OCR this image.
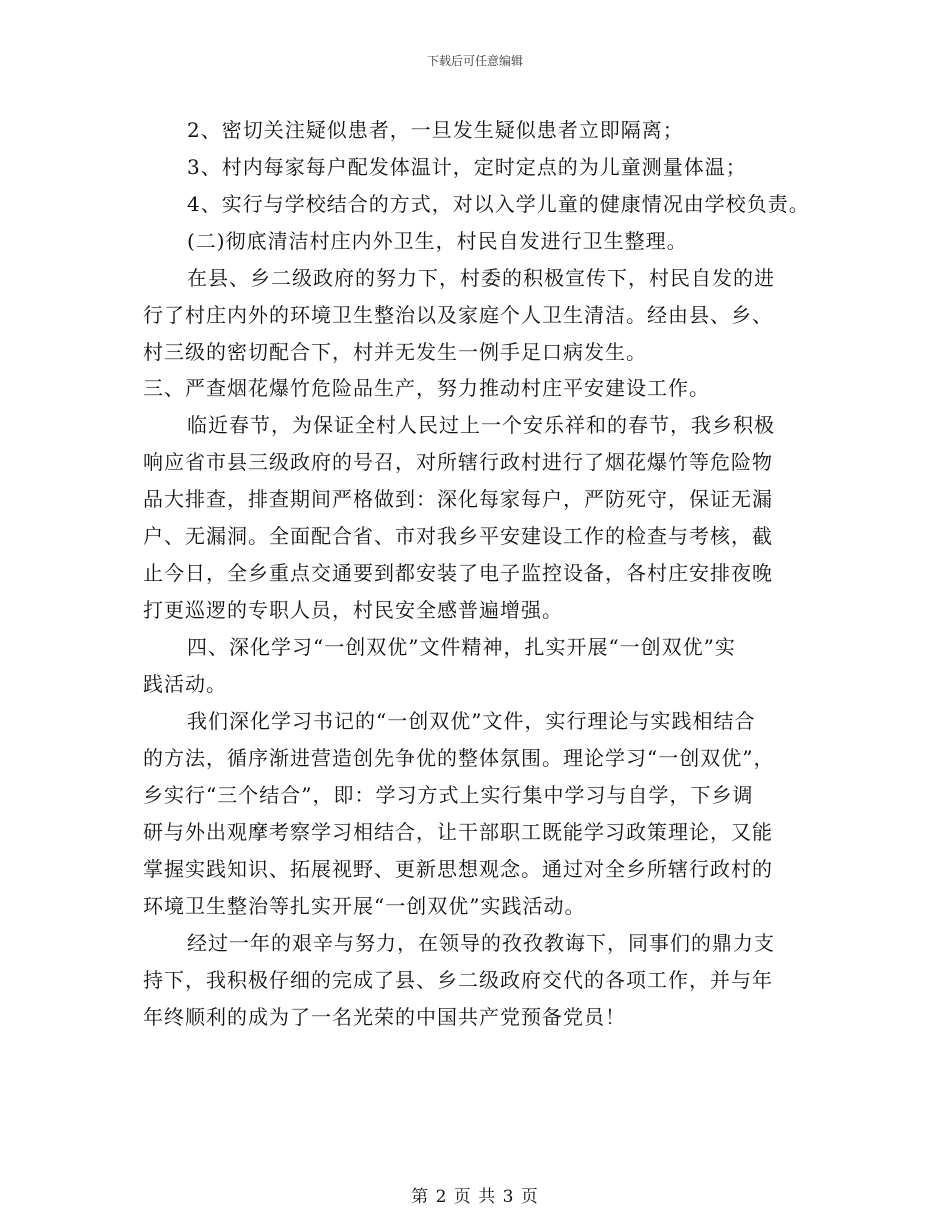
下载后可任意编辑
2、密切关注疑似患者，一旦发生疑似患者立即隔离；
3、村内每家每户配发体温计，定时定点的为儿童测量体温；
4、实行与学校结合的方式，对以入学儿童的健康情况由学校负责。
(二)彻底清洁村庄内外卫生，村民自发进行卫生整理。
在县、乡二级政府的努力下，村委的积极宣传下，村民自发的进
行了村庄内外的环境卫生整治以及家庭个人卫生清洁。经由县、乡、
村三级的密切配合下，村并无发生一例手足口病发生。
三、严查烟花爆竹危险品生产，努力推动村庄平安建设工作。
临近春节，为保证全村人民过上一个安乐祥和的春节，我乡积极
响应省市县三级政府的号召，对所辖行政村进行了烟花爆竹等危险物
品大排查，排查期间严格做到：深化每家每户，严防死守，保证无漏
户、无漏洞。全面配合省、市对我乡平安建设工作的检查与考核，截
止今日，全乡重点交通要到都安装了电子监控设备，各村庄安排夜晚
打更巡逻的专职人员，村民安全感普遍增强。
四、深化学习“一创双优”文件精神，扎实开展“一创双优”实
践活动。
我们深化学习书记的“一创双优”文件，实行理论与实践相结合
的方法，循序渐进营造创先争优的整体氛围。理论学习“一创双优”，
乡实行“三个结合”，即：学习方式上实行集中学习与自学，下乡调
研与外出观摩考察学习相结合，让干部职工既能学习政策理论，又能
掌握实践知识、拓展视野、更新思想观念。通过对全乡所辖行政村的
环境卫生整治等扎实开展“一创双优”实践活动。
经过一年的艰辛与努力，在领导的孜孜教诲下，同事们的鼎力支
持下，我积极仔细的完成了县、乡二级政府交代的各项工作，并与年
年终顺利的成为了一名光荣的中国共产党预备党员！
第 2 页 共 3 页
